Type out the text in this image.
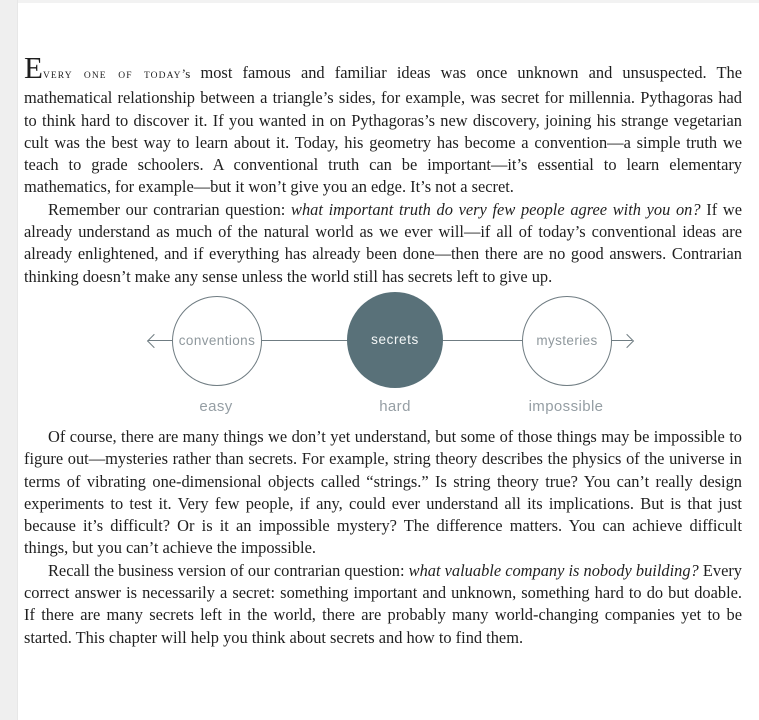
EVERY ONE OF TODAY’s most famous and familiar ideas was once unknown and unsuspected. The mathematical relationship between a triangle’s sides, for example, was secret for millennia. Pythagoras had to think hard to discover it. If you wanted in on Pythagoras’s new discovery, joining his strange vegetarian cult was the best way to learn about it. Today, his geometry has become a convention—a simple truth we teach to grade schoolers. A conventional truth can be important—it’s essential to learn elementary mathematics, for example—but it won’t give you an edge. It’s not a secret.

Remember our contrarian question: what important truth do very few people agree with you on? If we already understand as much of the natural world as we ever will—if all of today’s conventional ideas are already enlightened, and if everything has already been done—then there are no good answers. Contrarian thinking doesn’t make any sense unless the world still has secrets left to give up.

conventions	secrets	mysteries
easy	hard	impossible

Of course, there are many things we don’t yet understand, but some of those things may be impossible to figure out—mysteries rather than secrets. For example, string theory describes the physics of the universe in terms of vibrating one-dimensional objects called “strings.” Is string theory true? You can’t really design experiments to test it. Very few people, if any, could ever understand all its implications. But is that just because it’s difficult? Or is it an impossible mystery? The difference matters. You can achieve difficult things, but you can’t achieve the impossible.

Recall the business version of our contrarian question: what valuable company is nobody building? Every correct answer is necessarily a secret: something important and unknown, something hard to do but doable. If there are many secrets left in the world, there are probably many world-changing companies yet to be started. This chapter will help you think about secrets and how to find them.
